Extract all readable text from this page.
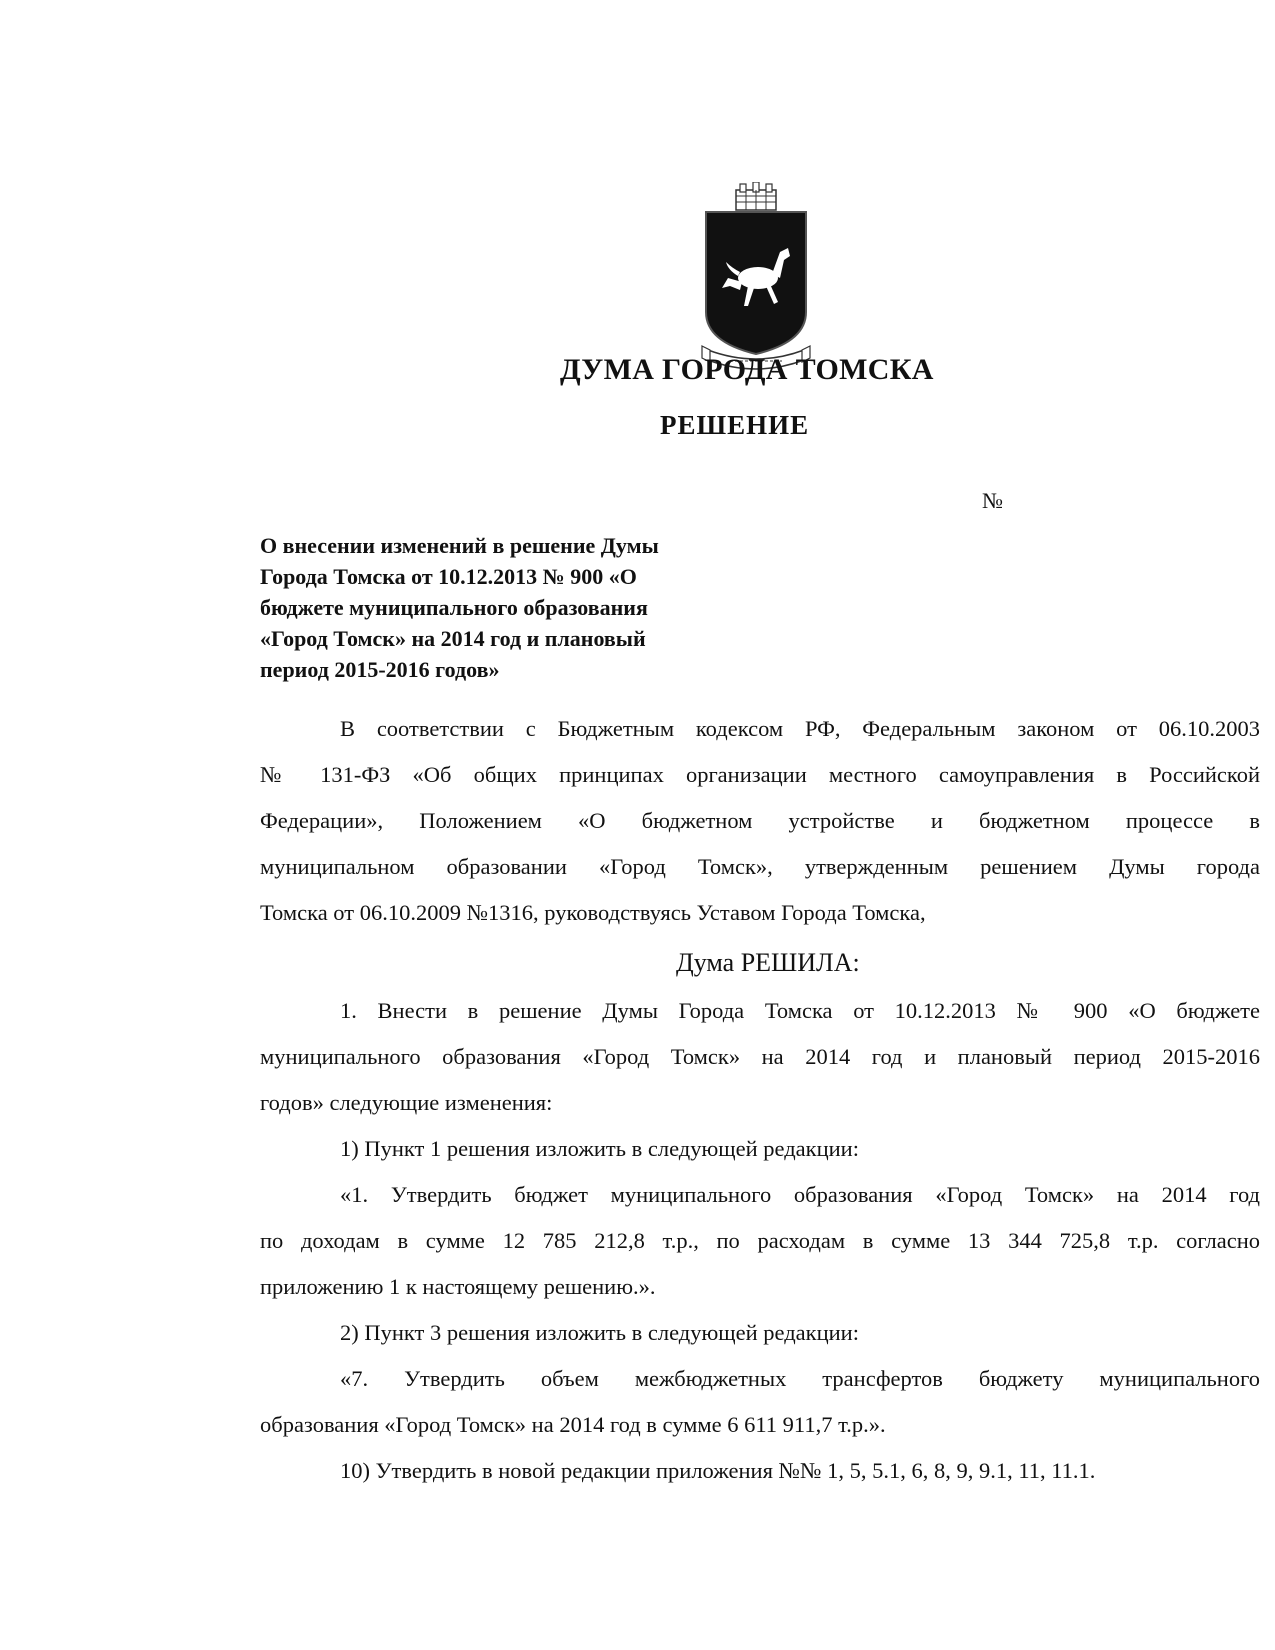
ДУМА ГОРОДА ТОМСКА
РЕШЕНИЕ
№
О внесении изменений в решение Думы
Города Томска от 10.12.2013 № 900 «О
бюджете муниципального образования
«Город Томск» на 2014 год и плановый
период 2015-2016 годов»
В соответствии с Бюджетным кодексом РФ, Федеральным законом от 06.10.2003
№ 131-ФЗ «Об общих принципах организации местного самоуправления в Российской
Федерации», Положением «О бюджетном устройстве и бюджетном процессе в
муниципальном образовании «Город Томск», утвержденным решением Думы города
Томска от 06.10.2009 №1316, руководствуясь Уставом Города Томска,
Дума РЕШИЛА:
1. Внести в решение Думы Города Томска от 10.12.2013 № 900 «О бюджете
муниципального образования «Город Томск» на 2014 год и плановый период 2015-2016
годов» следующие изменения:
1) Пункт 1 решения изложить в следующей редакции:
«1. Утвердить бюджет муниципального образования «Город Томск» на 2014 год
по доходам в сумме 12 785 212,8 т.р., по расходам в сумме 13 344 725,8 т.р. согласно
приложению 1 к настоящему решению.».
2) Пункт 3 решения изложить в следующей редакции:
«7. Утвердить объем межбюджетных трансфертов бюджету муниципального
образования «Город Томск» на 2014 год в сумме 6 611 911,7 т.р.».
10) Утвердить в новой редакции приложения №№ 1, 5, 5.1, 6, 8, 9, 9.1, 11, 11.1.
